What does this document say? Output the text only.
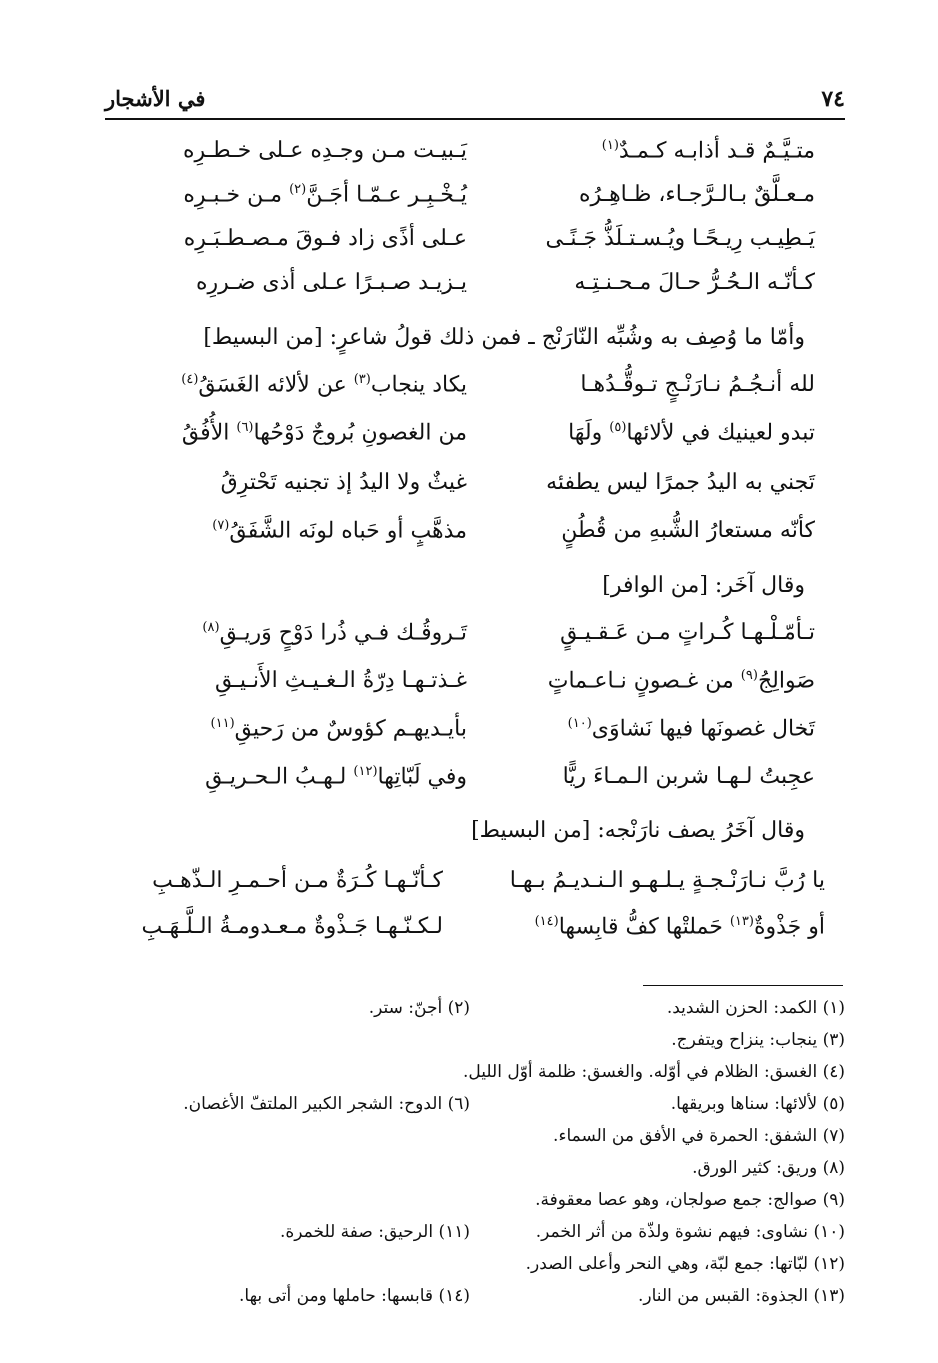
٧٤
في الأشجار
متـيَّـمٌ قـد أذابـه كـمـدٌ$^{(١)}$
يَـبيـت مـن وجـدِه عـلى خـطـرِه
مـعـلَّقٌ بـالـرَّجـاء، ظـاهِـرُه
يُـخْـبِـر عـمّـا أجَـنَّ$^{(٢)}$ مـن خـبـرِه
يَـطِيـب رِيـحًـا ويُـسـتـلَذُّ جَـنًـى
عـلى أذًى زاد فـوقَ مـصـطـبَـرِه
كـأنّـه الـحُـرُّ حـالَ مـحـنـتِـه
يـزيـد صـبـرًا عـلى أذى ضـررِه
وأمّا ما وُصِف به وشُبِّه النّارَنْج ـ فمن ذلك قولُ شاعرٍ: [من البسيط]
لله أنـجُـمُ نـارَنْـجٍ تـوقُّـدُهـا
يكاد ينجاب$^{(٣)}$ عن لألائه الغَسَقُ$^{(٤)}$
تبدو لعينيك في لألائها$^{(٥)}$ ولَهَا
من الغصونِ بُروجٌ دَوْحُها$^{(٦)}$ الأُفُقُ
تَجني به اليدُ جمرًا ليس يطفئه
غيثٌ ولا اليدُ إذ تجنيه تَحْترِقُ
كأنّه مستعارُ الشُّبهِ من قُطُنٍ
مذهَّبٍ أو حَباه لونَه الشَّفَقُ$^{(٧)}$
وقال آخَر: [من الوافر]
تـأمّـلْـهـا كُـراتٍ مـن عَـقـيـقٍ
تَـروقُـك فـي ذُرا دَوْحٍ وَريـقِ$^{(٨)}$
صَوالِجُ$^{(٩)}$ من غـصونٍ نـاعـماتٍ
غـذتـهـا دِرّةُ الـغـيـثِ الأَنـيـقِ
تَخال غصونَها فيها نَشاوَى$^{(١٠)}$
بأيـديهـم كؤوسٌ من رَحيقِ$^{(١١)}$
عجِبتُ لـهـا شربن الـمـاءَ ريًّا
وفي لَبّاتِها$^{(١٢)}$ لـهـبُ الـحـريـقِ
وقال آخَرُ يصف نارَنْجه: [من البسيط]
يا رُبَّ نـارَنْـجـةٍ يـلـهـو الـنـديـمُ بـهـا
كـأنّـهـا كُـرَةٌ مـن أحـمـرِ الـذّهـبِ
أو جَذْوةٌ$^{(١٣)}$ حَملتْها كفُّ قابِسها$^{(١٤)}$
لـكـنّـهـا جَـذْوةٌ مـعـدومـةُ الـلَّـهَـبِ
(١) الكمد: الحزن الشديد.
(٢) أجنّ: ستر.
(٣) ينجاب: ينزاح ويتفرج.
(٤) الغسق: الظلام في أوّله. والغسق: ظلمة أوّل الليل.
(٥) لألائها: سناها وبريقها.
(٦) الدوح: الشجر الكبير الملتفّ الأغصان.
(٧) الشفق: الحمرة في الأفق من السماء.
(٨) وريق: كثير الورق.
(٩) صوالج: جمع صولجان، وهو عصا معقوفة.
(١٠) نشاوى: فيهم نشوة ولذّة من أثر الخمر.
(١١) الرحيق: صفة للخمرة.
(١٢) لبّاتها: جمع لبّة، وهي النحر وأعلى الصدر.
(١٣) الجذوة: القبس من النار.
(١٤) قابسها: حاملها ومن أتى بها.
